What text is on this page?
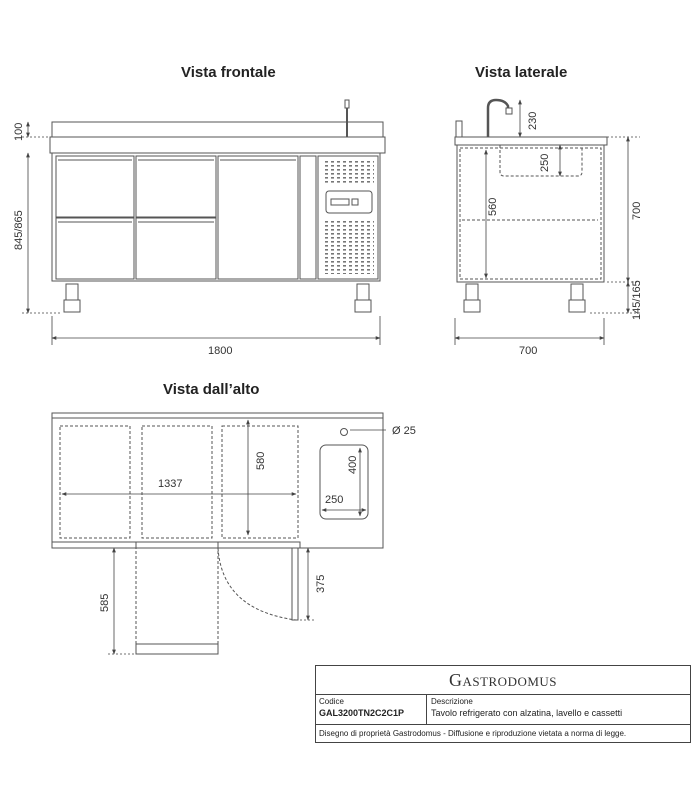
Vista frontale	Vista laterale
Vista dall’alto
100
845/865
1800
230
250
560	700
145/165
700
Ø 25
580	400
1337
250
375
585
GASTRODOMUS
Codice
GAL3200TN2C2C1P
Descrizione
Tavolo refrigerato con alzatina, lavello e cassetti
Disegno di proprietà Gastrodomus - Diffusione e riproduzione vietata a norma di legge.
